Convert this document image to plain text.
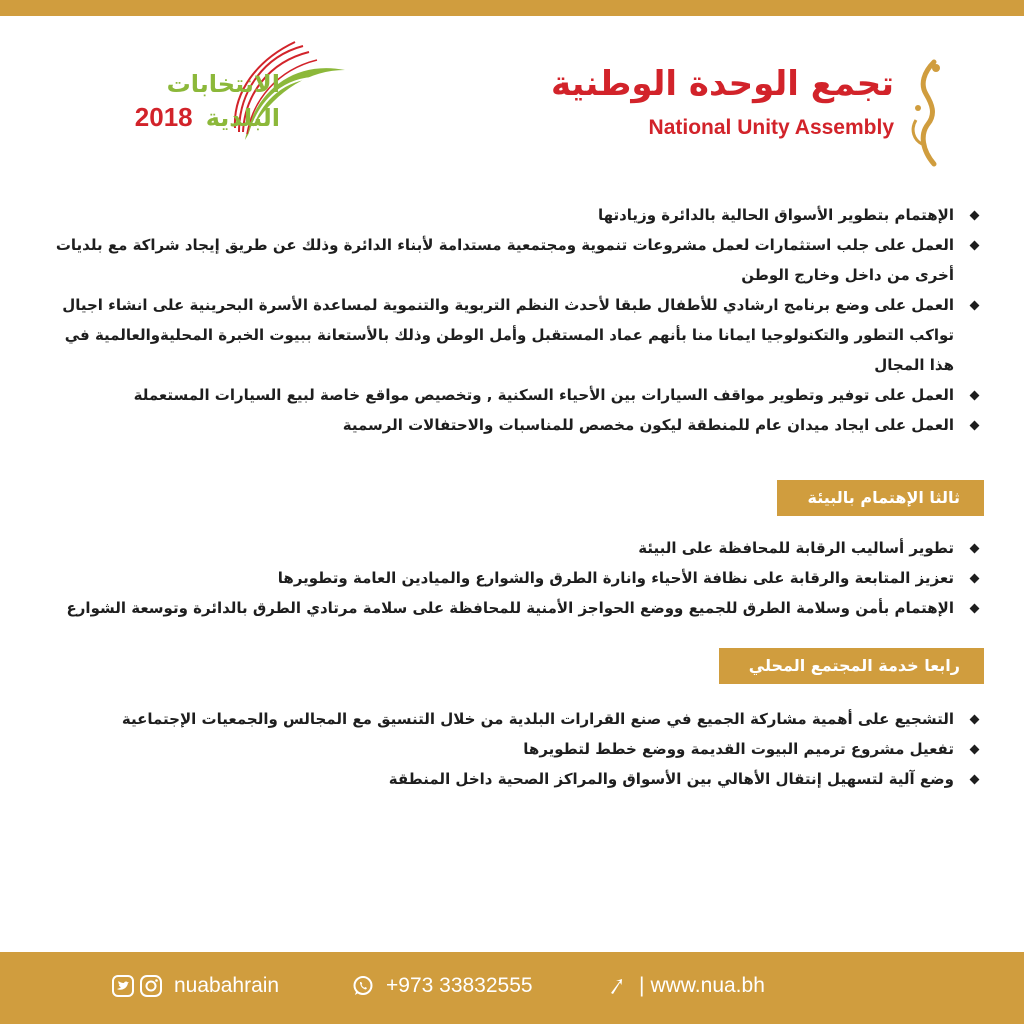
تجمع الوحدة الوطنية
National Unity Assembly
الانتخابات
البلدية 2018
الإهتمام بتطوير الأسواق الحالية بالدائرة وزيادتها
العمل على جلب استثمارات لعمل مشروعات تنموية ومجتمعية مستدامة لأبناء الدائرة وذلك عن طريق إيجاد شراكة مع بلديات أخرى من داخل وخارج الوطن
العمل على وضع برنامج ارشادي للأطفال طبقا لأحدث النظم التربوية والتنموية لمساعدة الأسرة البحرينية على انشاء اجيال تواكب التطور والتكنولوجيا ايمانا منا بأنهم عماد المستقبل وأمل الوطن وذلك بالأستعانة ببيوت الخبرة المحليةوالعالمية في هذا المجال
العمل على توفير وتطوير مواقف السيارات بين الأحياء السكنية , وتخصيص مواقع خاصة لبيع السيارات المستعملة
العمل على ايجاد ميدان عام للمنطقة ليكون مخصص للمناسبات والاحتفالات الرسمية
ثالثا الإهتمام بالبيئة
تطوير أساليب الرقابة للمحافظة على البيئة
تعزيز المتابعة والرقابة على نظافة الأحياء وانارة الطرق والشوارع والميادين العامة وتطويرها
الإهتمام بأمن وسلامة الطرق للجميع ووضع الحواجز الأمنية للمحافظة على سلامة مرتادي الطرق بالدائرة وتوسعة الشوارع
رابعا خدمة المجتمع المحلي
التشجيع على أهمية مشاركة الجميع في صنع القرارات البلدية من خلال التنسيق مع المجالس والجمعيات الإجتماعية
تفعيل مشروع ترميم البيوت القديمة ووضع خطط لتطويرها
وضع آلية لتسهيل إنتقال الأهالي بين الأسواق والمراكز الصحية داخل المنطقة
nuabahrain	+973 33832555	| www.nua.bh
